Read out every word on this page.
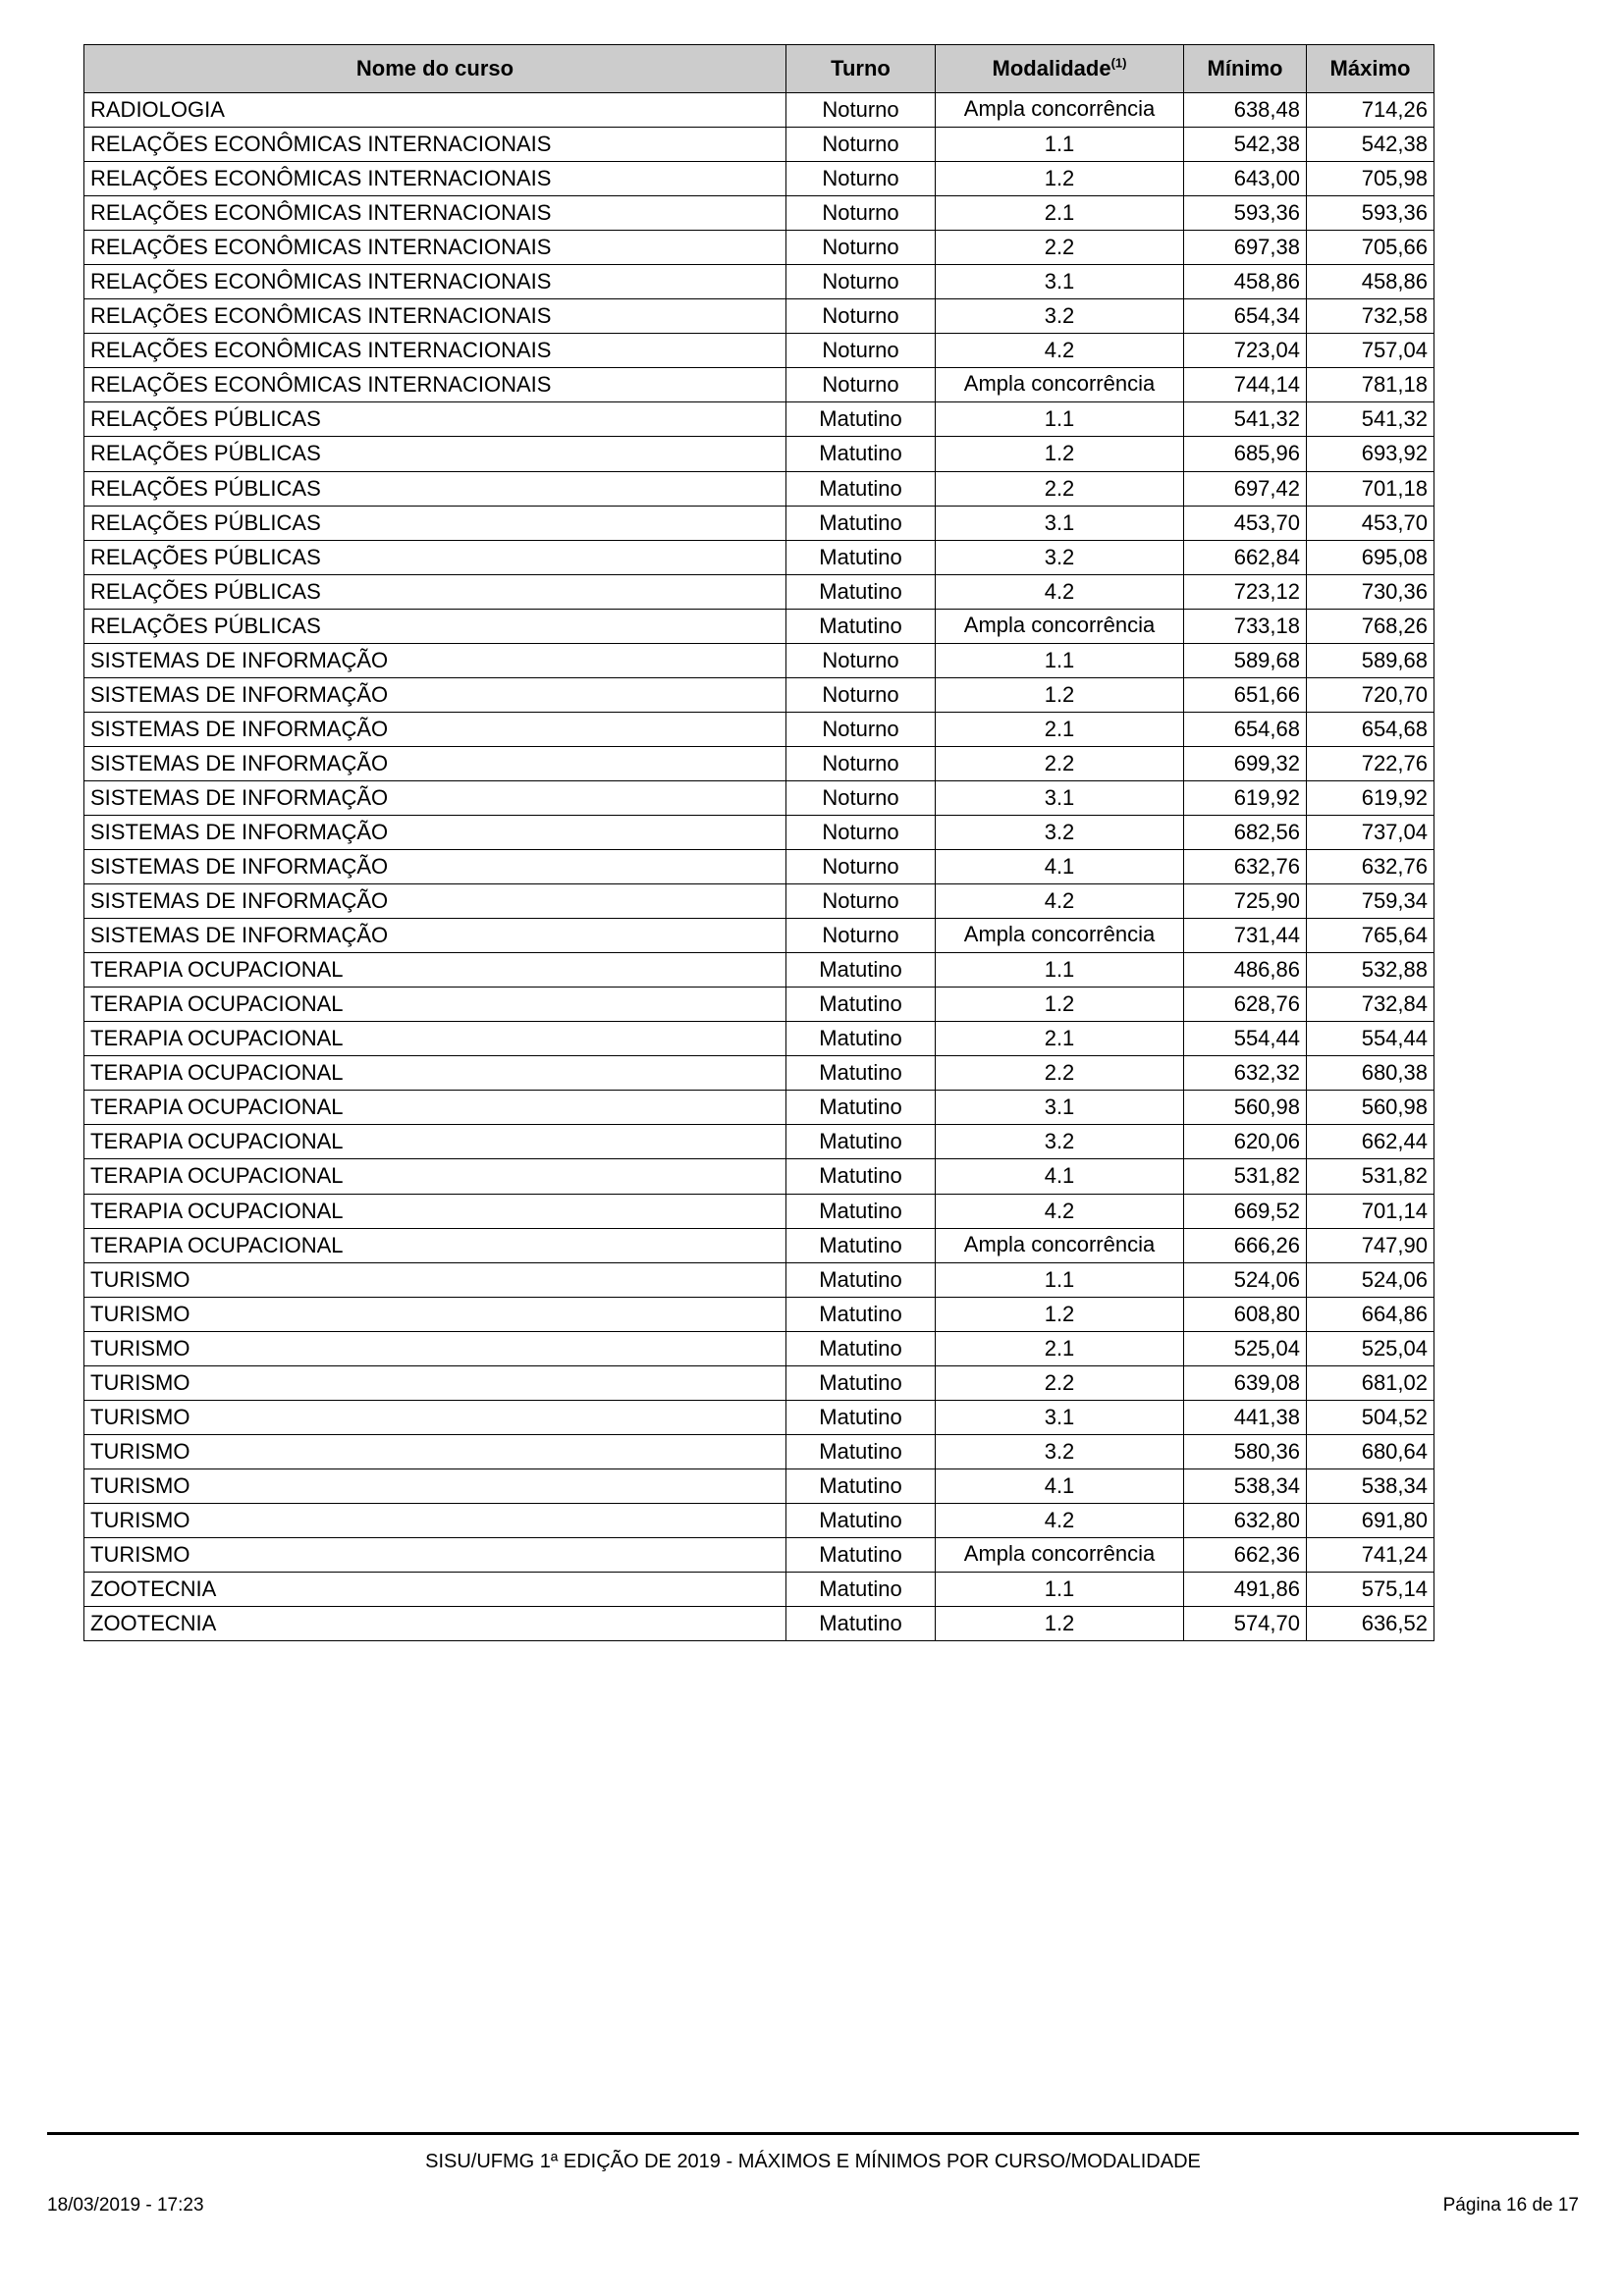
Nome do curso	Turno	Modalidade$^{(1)}$	Mínimo	Máximo
RADIOLOGIA	Noturno	Ampla concorrência	638,48	714,26
RELAÇÕES ECONÔMICAS INTERNACIONAIS	Noturno	1.1	542,38	542,38
RELAÇÕES ECONÔMICAS INTERNACIONAIS	Noturno	1.2	643,00	705,98
RELAÇÕES ECONÔMICAS INTERNACIONAIS	Noturno	2.1	593,36	593,36
RELAÇÕES ECONÔMICAS INTERNACIONAIS	Noturno	2.2	697,38	705,66
RELAÇÕES ECONÔMICAS INTERNACIONAIS	Noturno	3.1	458,86	458,86
RELAÇÕES ECONÔMICAS INTERNACIONAIS	Noturno	3.2	654,34	732,58
RELAÇÕES ECONÔMICAS INTERNACIONAIS	Noturno	4.2	723,04	757,04
RELAÇÕES ECONÔMICAS INTERNACIONAIS	Noturno	Ampla concorrência	744,14	781,18
RELAÇÕES PÚBLICAS	Matutino	1.1	541,32	541,32
RELAÇÕES PÚBLICAS	Matutino	1.2	685,96	693,92
RELAÇÕES PÚBLICAS	Matutino	2.2	697,42	701,18
RELAÇÕES PÚBLICAS	Matutino	3.1	453,70	453,70
RELAÇÕES PÚBLICAS	Matutino	3.2	662,84	695,08
RELAÇÕES PÚBLICAS	Matutino	4.2	723,12	730,36
RELAÇÕES PÚBLICAS	Matutino	Ampla concorrência	733,18	768,26
SISTEMAS DE INFORMAÇÃO	Noturno	1.1	589,68	589,68
SISTEMAS DE INFORMAÇÃO	Noturno	1.2	651,66	720,70
SISTEMAS DE INFORMAÇÃO	Noturno	2.1	654,68	654,68
SISTEMAS DE INFORMAÇÃO	Noturno	2.2	699,32	722,76
SISTEMAS DE INFORMAÇÃO	Noturno	3.1	619,92	619,92
SISTEMAS DE INFORMAÇÃO	Noturno	3.2	682,56	737,04
SISTEMAS DE INFORMAÇÃO	Noturno	4.1	632,76	632,76
SISTEMAS DE INFORMAÇÃO	Noturno	4.2	725,90	759,34
SISTEMAS DE INFORMAÇÃO	Noturno	Ampla concorrência	731,44	765,64
TERAPIA OCUPACIONAL	Matutino	1.1	486,86	532,88
TERAPIA OCUPACIONAL	Matutino	1.2	628,76	732,84
TERAPIA OCUPACIONAL	Matutino	2.1	554,44	554,44
TERAPIA OCUPACIONAL	Matutino	2.2	632,32	680,38
TERAPIA OCUPACIONAL	Matutino	3.1	560,98	560,98
TERAPIA OCUPACIONAL	Matutino	3.2	620,06	662,44
TERAPIA OCUPACIONAL	Matutino	4.1	531,82	531,82
TERAPIA OCUPACIONAL	Matutino	4.2	669,52	701,14
TERAPIA OCUPACIONAL	Matutino	Ampla concorrência	666,26	747,90
TURISMO	Matutino	1.1	524,06	524,06
TURISMO	Matutino	1.2	608,80	664,86
TURISMO	Matutino	2.1	525,04	525,04
TURISMO	Matutino	2.2	639,08	681,02
TURISMO	Matutino	3.1	441,38	504,52
TURISMO	Matutino	3.2	580,36	680,64
TURISMO	Matutino	4.1	538,34	538,34
TURISMO	Matutino	4.2	632,80	691,80
TURISMO	Matutino	Ampla concorrência	662,36	741,24
ZOOTECNIA	Matutino	1.1	491,86	575,14
ZOOTECNIA	Matutino	1.2	574,70	636,52
SISU/UFMG 1ª EDIÇÃO DE 2019 - MÁXIMOS E MÍNIMOS POR CURSO/MODALIDADE
18/03/2019 - 17:23	Página 16 de 17
